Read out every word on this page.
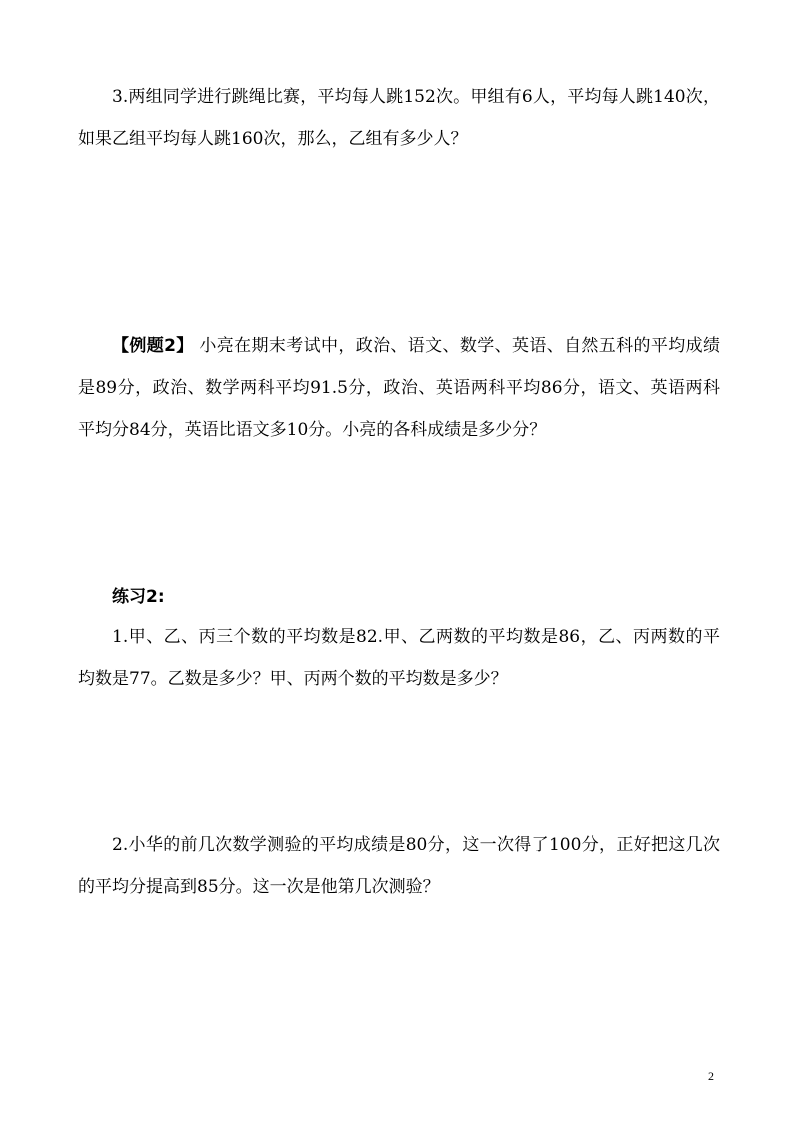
3.两组同学进行跳绳比赛，平均每人跳152次。甲组有6人，平均每人跳140次，如果乙组平均每人跳160次，那么，乙组有多少人？

【例题2】 小亮在期末考试中，政治、语文、数学、英语、自然五科的平均成绩是89分，政治、数学两科平均91.5分，政治、英语两科平均86分，语文、英语两科平均分84分，英语比语文多10分。小亮的各科成绩是多少分？

练习2:

1.甲、乙、丙三个数的平均数是82.甲、乙两数的平均数是86，乙、丙两数的平均数是77。乙数是多少？甲、丙两个数的平均数是多少？

2.小华的前几次数学测验的平均成绩是80分，这一次得了100分，正好把这几次的平均分提高到85分。这一次是他第几次测验？

2
